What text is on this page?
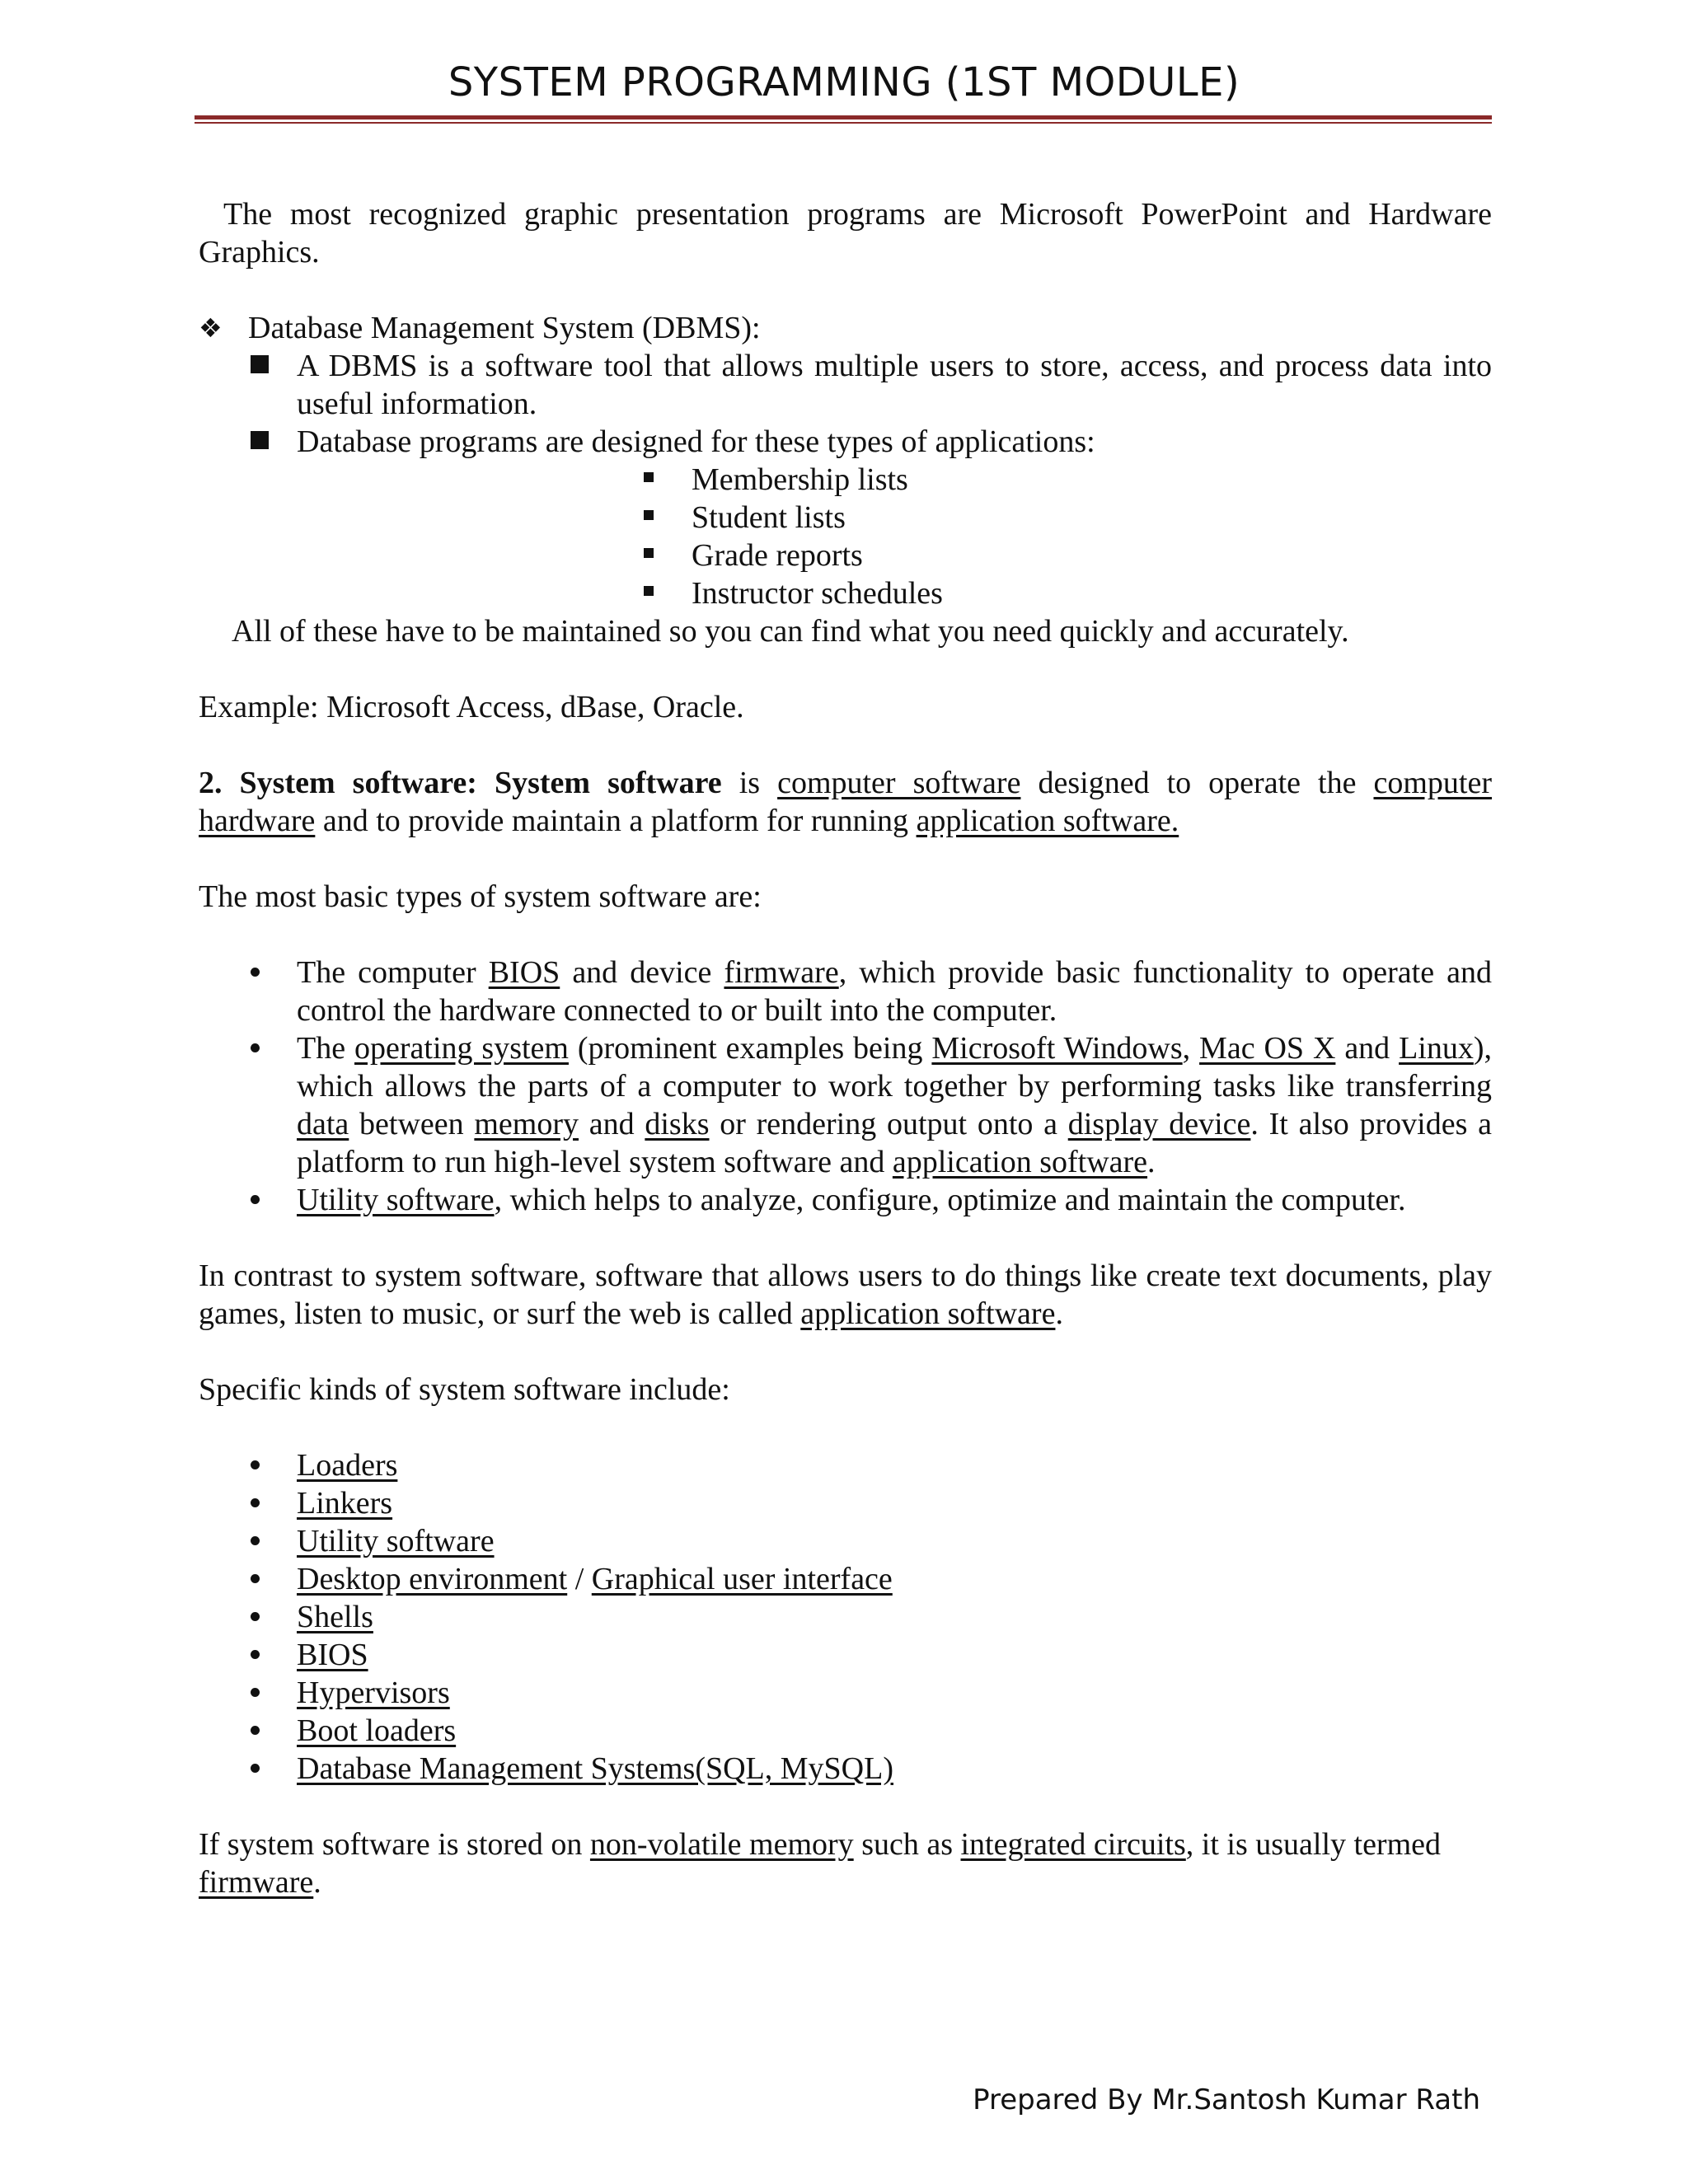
SYSTEM PROGRAMMING (1ST MODULE)

The most recognized graphic presentation programs are Microsoft PowerPoint and Hardware Graphics.

❖ Database Management System (DBMS):
A DBMS is a software tool that allows multiple users to store, access, and process data into useful information.
Database programs are designed for these types of applications:
Membership lists
Student lists
Grade reports
Instructor schedules

All of these have to be maintained so you can find what you need quickly and accurately.

Example: Microsoft Access, dBase, Oracle.

2. System software: System software is computer software designed to operate the computer hardware and to provide maintain a platform for running application software.

The most basic types of system software are:

The computer BIOS and device firmware, which provide basic functionality to operate and control the hardware connected to or built into the computer.
The operating system (prominent examples being Microsoft Windows, Mac OS X and Linux), which allows the parts of a computer to work together by performing tasks like transferring data between memory and disks or rendering output onto a display device. It also provides a platform to run high-level system software and application software.
Utility software, which helps to analyze, configure, optimize and maintain the computer.

In contrast to system software, software that allows users to do things like create text documents, play games, listen to music, or surf the web is called application software.

Specific kinds of system software include:

Loaders
Linkers
Utility software
Desktop environment / Graphical user interface
Shells
BIOS
Hypervisors
Boot loaders
Database Management Systems(SQL, MySQL)

If system software is stored on non-volatile memory such as integrated circuits, it is usually termed firmware.

Prepared By Mr.Santosh Kumar Rath
